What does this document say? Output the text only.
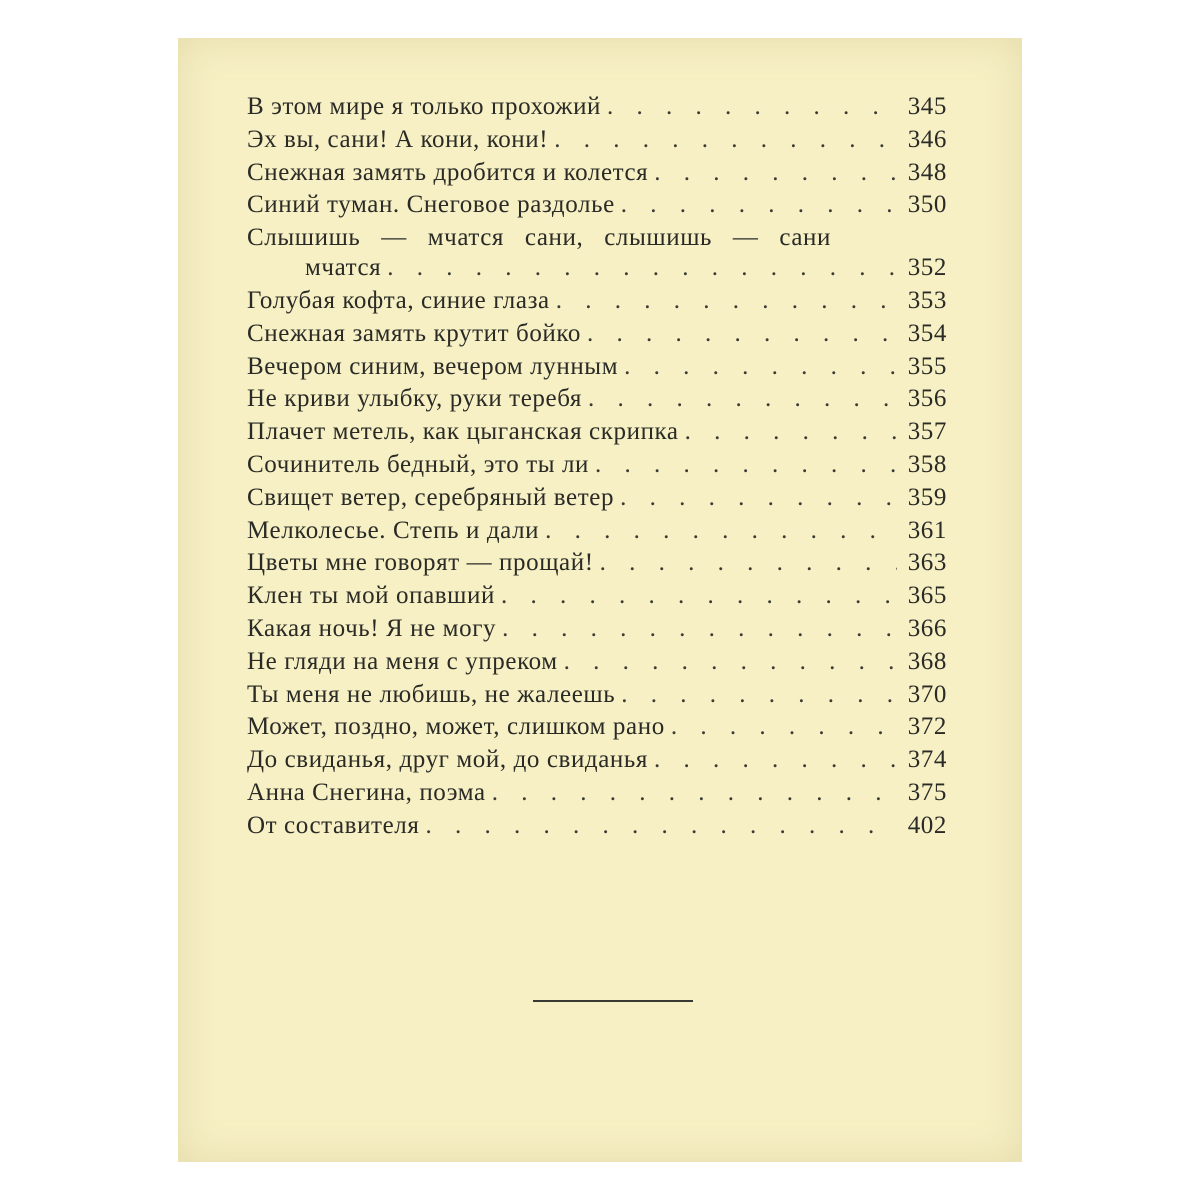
В этом мире я только прохожий . . .	345
Эх вы, сани! А кони, кони! . . .	346
Снежная замять дробится и колется . . .	348
Синий туман. Снеговое раздолье . . .	350
Слышишь — мчатся сани, слышишь — сани
мчатся . . .	352
Голубая кофта, синие глаза . . .	353
Снежная замять крутит бойко . . .	354
Вечером синим, вечером лунным . . .	355
Не криви улыбку, руки теребя . . .	356
Плачет метель, как цыганская скрипка . . .	357
Сочинитель бедный, это ты ли . . .	358
Свищет ветер, серебряный ветер . . .	359
Мелколесье. Степь и дали . . .	361
Цветы мне говорят — прощай! . . .	363
Клен ты мой опавший . . .	365
Какая ночь! Я не могу . . .	366
Не гляди на меня с упреком . . .	368
Ты меня не любишь, не жалеешь . . .	370
Может, поздно, может, слишком рано . . .	372
До свиданья, друг мой, до свиданья . . .	374
Анна Снегина, поэма . . .	375
От составителя . . .	402
